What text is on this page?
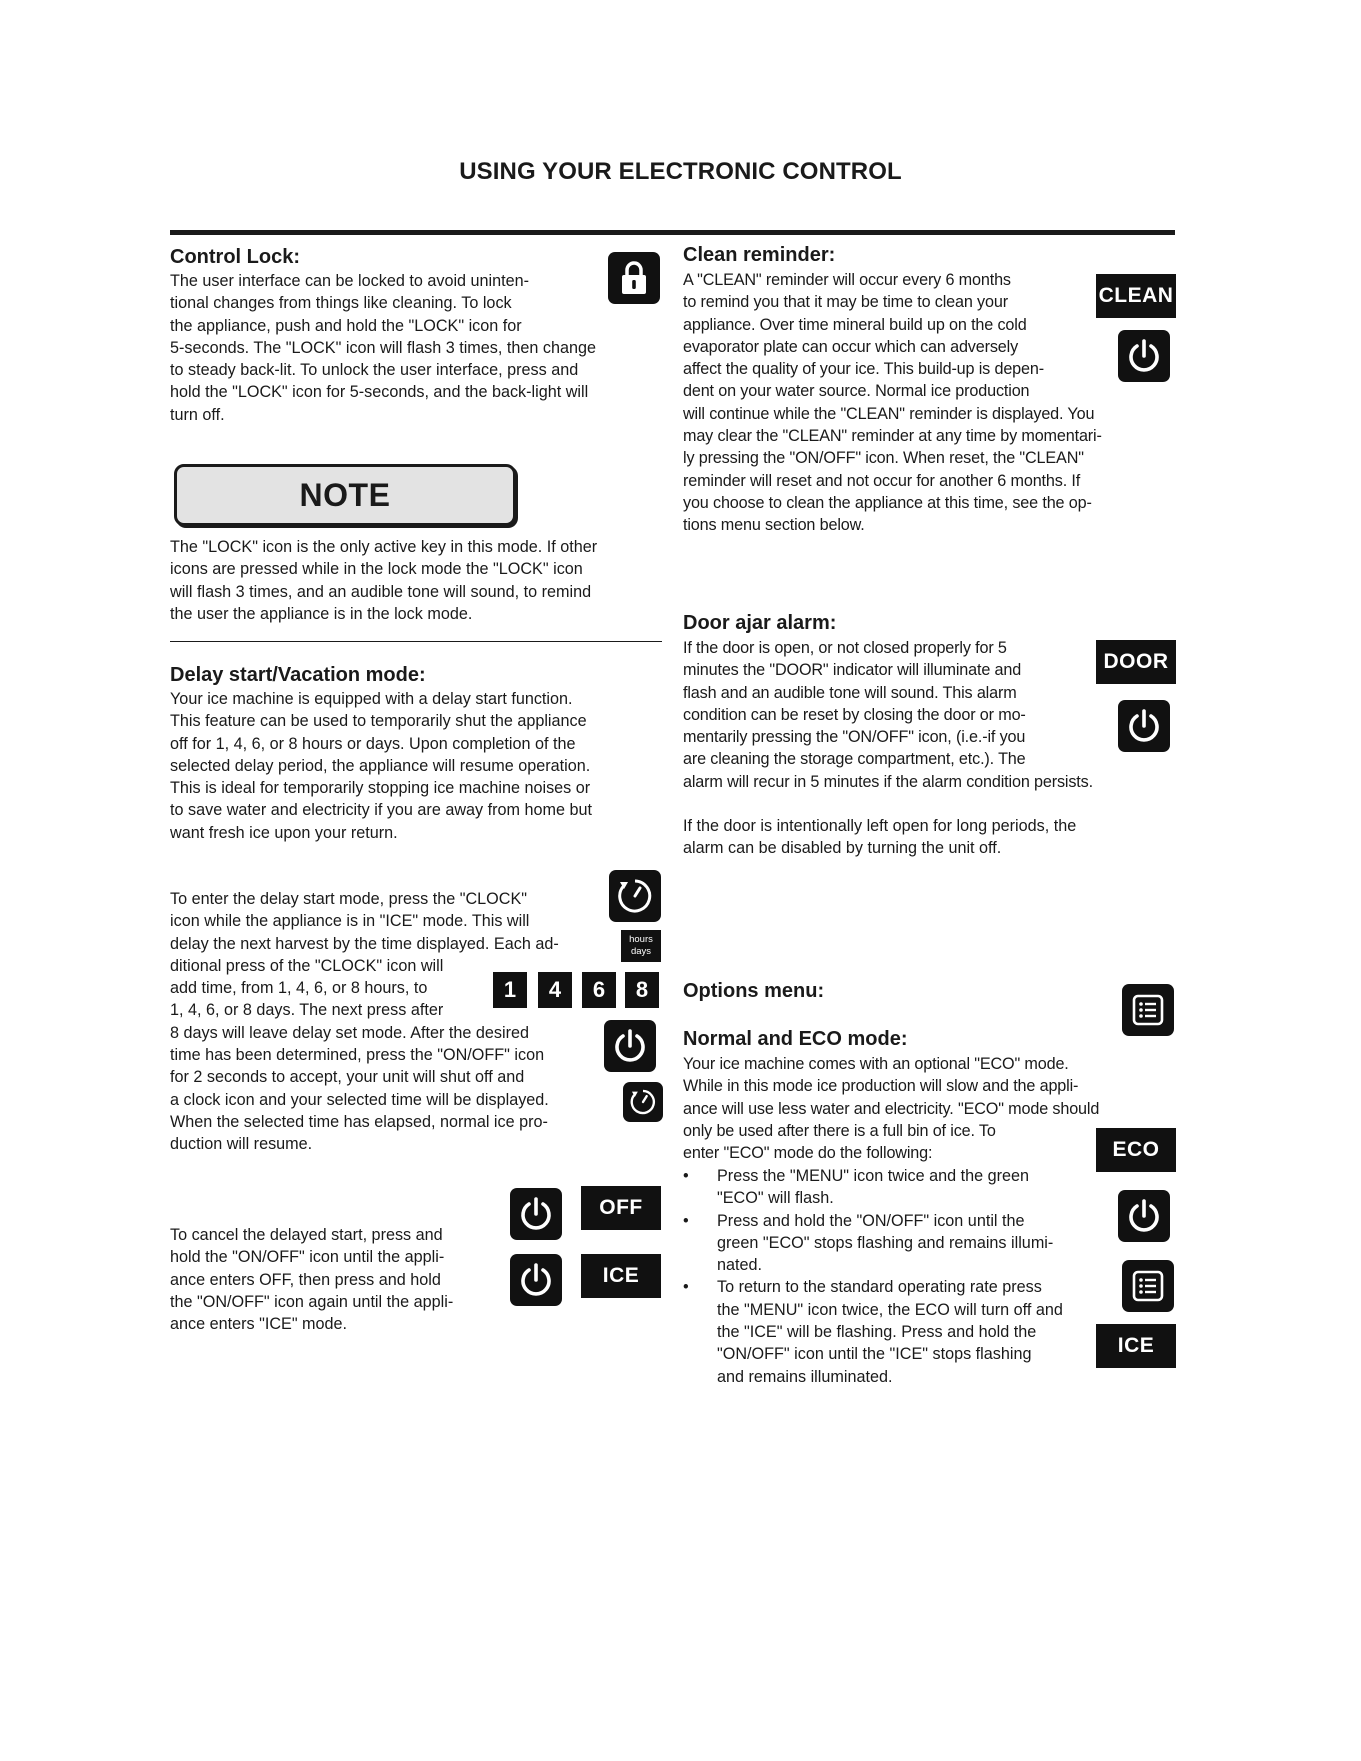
USING YOUR ELECTRONIC CONTROL
Control Lock:
The user interface can be locked to avoid uninten-
tional changes from things like cleaning. To lock
the appliance, push and hold the "LOCK" icon for
5-seconds. The "LOCK" icon will flash 3 times, then change
to steady back-lit. To unlock the user interface, press and
hold the "LOCK" icon for 5-seconds, and the back-light will
turn off.
NOTE
The "LOCK" icon is the only active key in this mode. If other
icons are pressed while in the lock mode the "LOCK" icon
will flash 3 times, and an audible tone will sound, to remind
the user the appliance is in the lock mode.
Delay start/Vacation mode:
Your ice machine is equipped with a delay start function.
This feature can be used to temporarily shut the appliance
off for 1, 4, 6, or 8 hours or days. Upon completion of the
selected delay period, the appliance will resume operation.
This is ideal for temporarily stopping ice machine noises or
to save water and electricity if you are away from home but
want fresh ice upon your return.
To enter the delay start mode, press the "CLOCK"
icon while the appliance is in "ICE" mode. This will
delay the next harvest by the time displayed. Each ad-
ditional press of the "CLOCK" icon will
add time, from 1, 4, 6, or 8 hours, to
1, 4, 6, or 8 days. The next press after
8 days will leave delay set mode. After the desired
time has been determined, press the "ON/OFF" icon
for 2 seconds to accept, your unit will shut off and
a clock icon and your selected time will be displayed.
When the selected time has elapsed, normal ice pro-
duction will resume.
hours
days
1	4	6	8
To cancel the delayed start, press and
hold the "ON/OFF" icon until the appli-
ance enters OFF, then press and hold
the "ON/OFF" icon again until the appli-
ance enters "ICE" mode.
OFF
ICE
Clean reminder:
CLEAN
A "CLEAN" reminder will occur every 6 months
to remind you that it may be time to clean your
appliance. Over time mineral build up on the cold
evaporator plate can occur which can adversely
affect the quality of your ice. This build-up is depen-
dent on your water source. Normal ice production
will continue while the "CLEAN" reminder is displayed. You
may clear the "CLEAN" reminder at any time by momentari-
ly pressing the "ON/OFF" icon. When reset, the "CLEAN"
reminder will reset and not occur for another 6 months. If
you choose to clean the appliance at this time, see the op-
tions menu section below.
Door ajar alarm:
DOOR
If the door is open, or not closed properly for 5
minutes the "DOOR" indicator will illuminate and
flash and an audible tone will sound. This alarm
condition can be reset by closing the door or mo-
mentarily pressing the "ON/OFF" icon, (i.e.-if you
are cleaning the storage compartment, etc.). The
alarm will recur in 5 minutes if the alarm condition persists.
If the door is intentionally left open for long periods, the
alarm can be disabled by turning the unit off.
Options menu:
Normal and ECO mode:
Your ice machine comes with an optional "ECO" mode.
While in this mode ice production will slow and the appli-
ance will use less water and electricity. "ECO" mode should
only be used after there is a full bin of ice. To
enter "ECO" mode do the following:
• Press the "MENU" icon twice and the green
"ECO" will flash.
• Press and hold the "ON/OFF" icon until the
green "ECO" stops flashing and remains illumi-
nated.
• To return to the standard operating rate press
the "MENU" icon twice, the ECO will turn off and
the "ICE" will be flashing. Press and hold the
"ON/OFF" icon until the "ICE" stops flashing
and remains illuminated.
ECO
ICE
